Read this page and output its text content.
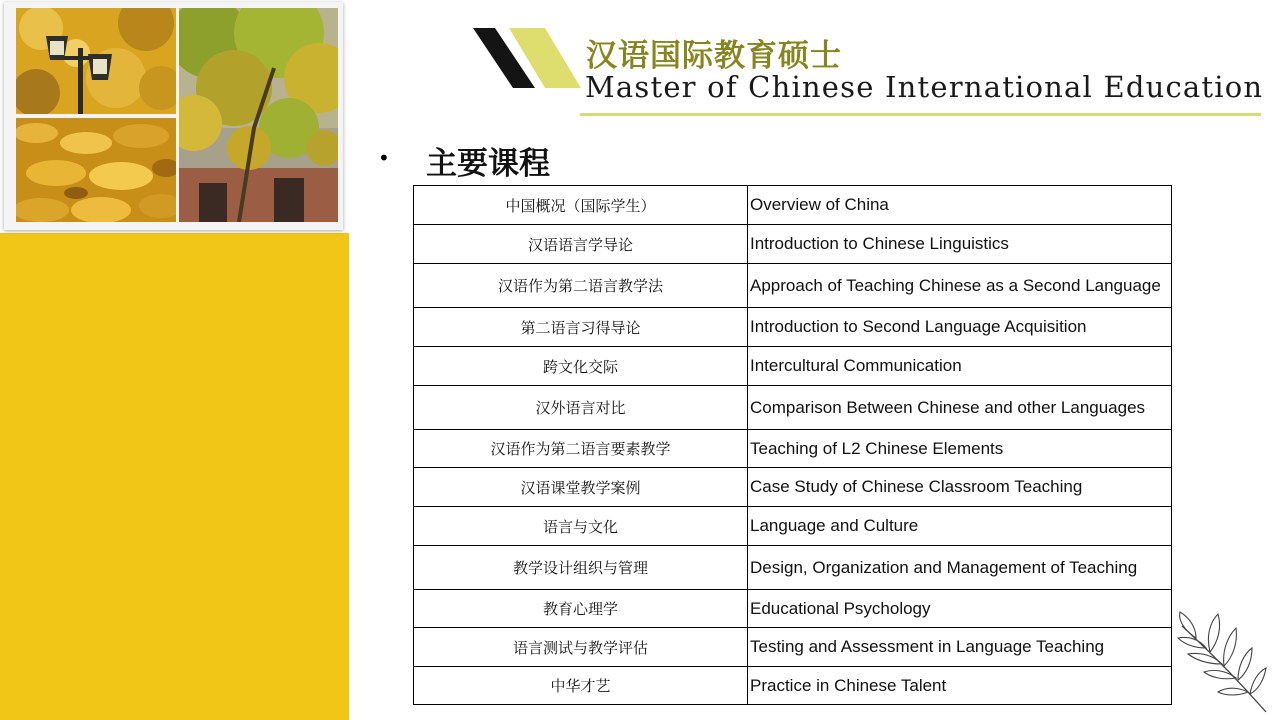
汉语国际教育硕士
Master of Chinese International Education
• 主要课程
中国概况（国际学生）	Overview of China
汉语语言学导论	Introduction to Chinese Linguistics
汉语作为第二语言教学法	Approach of Teaching Chinese as a Second Language
第二语言习得导论	Introduction to Second Language Acquisition
跨文化交际	Intercultural Communication
汉外语言对比	Comparison Between Chinese and other Languages
汉语作为第二语言要素教学	Teaching of L2 Chinese Elements
汉语课堂教学案例	Case Study of Chinese Classroom Teaching
语言与文化	Language and Culture
教学设计组织与管理	Design, Organization and Management of Teaching
教育心理学	Educational Psychology
语言测试与教学评估	Testing and Assessment in Language Teaching
中华才艺	Practice in Chinese Talent
